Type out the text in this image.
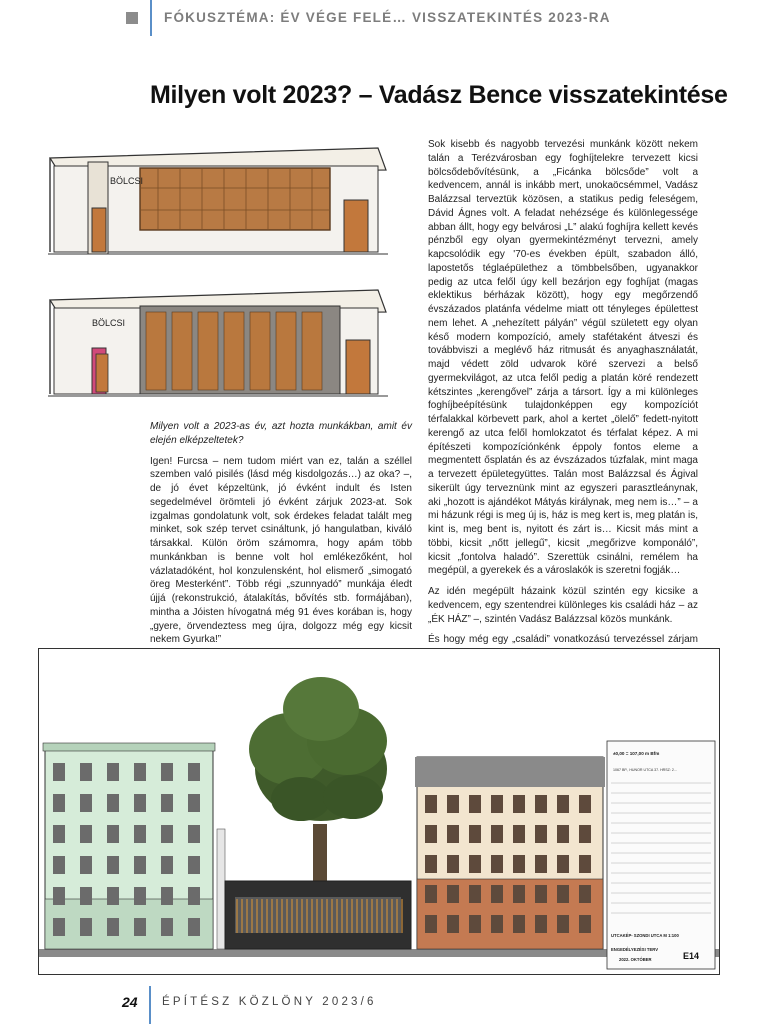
FÓKUSZTÉMA: ÉV VÉGE FELÉ… VISSZATEKINTÉS 2023-RA
Milyen volt 2023? – Vadász Bence visszatekintése
BÖLCSI
BÖLCSI

Milyen volt a 2023-as év, azt hozta munkákban, amit év elején elképzeltetek?

Igen! Furcsa – nem tudom miért van ez, talán a széllel szemben való pisilés (lásd még kisdolgozás…) az oka? –, de jó évet képzeltünk, jó évként indult és Isten segedelmével örömteli jó évként zárjuk 2023-at. Sok izgalmas gondolatunk volt, sok érdekes feladat talált meg minket, sok szép tervet csináltunk, jó hangulatban, kiváló társakkal. Külön öröm számomra, hogy apám több munkánkban is benne volt hol emlékezőként, hol vázlatadóként, hol konzulensként, hol elismerő „simogató öreg Mesterként”. Több régi „szunnyadó” munkája éledt újjá (rekonstrukció, átalakítás, bővítés stb. formájában), mintha a Jóisten hívogatná még 91 éves korában is, hogy „gyere, örvendeztess meg újra, dolgozz még egy kicsit nekem Gyurka!”

Melyik volt az év legkedvesebb tervezési munkája? Mutassátok be az épületet!

Sok kisebb és nagyobb tervezési munkánk között nekem talán a Terézvárosban egy foghíjtelekre tervezett kicsi bölcsődebővítésünk, a „Ficánka bölcsőde” volt a kedvencem, annál is inkább mert, unokaöcsémmel, Vadász Balázzsal terveztük közösen, a statikus pedig feleségem, Dávid Ágnes volt. A feladat nehézsége és különlegessége abban állt, hogy egy belvárosi „L” alakú foghíjra kellett kevés pénzből egy olyan gyermekintézményt tervezni, amely kapcsolódik egy '70-es években épült, szabadon álló, lapostetős téglaépülethez a tömbbelsőben, ugyanakkor pedig az utca felől úgy kell bezárjon egy foghíjat (magas eklektikus bérházak között), hogy egy megőrzendő évszázados platánfa védelme miatt ott tényleges épülettest nem lehet. A „nehezített pályán” végül született egy olyan késő modern kompozíció, amely stafétaként átveszi és továbbviszi a meglévő ház ritmusát és anyaghasználatát, majd védett zöld udvarok köré szervezi a belső gyermekvilágot, az utca felől pedig a platán köré rendezett kétszintes „kerengővel” zárja a társort. Így a mi különleges foghíjbeépítésünk tulajdonképpen egy kompozíciót térfalakkal körbevett park, ahol a kertet „ölelő” fedett-nyitott kerengő az utca felől homlokzatot és térfalat képez. A mi építészeti kompozíciónkénk éppoly fontos eleme a megmentett ősplatán és az évszázados túzfalak, mint maga a tervezett épületegyüttes. Talán most Balázzsal és Ágival sikerült úgy terveznünk mint az egyszeri parasztleánynak, aki „hozott is ajándékot Mátyás királynak, meg nem is…” – a mi házunk régi is meg új is, ház is meg kert is, meg platán is, kint is, meg bent is, nyitott és zárt is… Kicsit más mint a többi, kicsit „nőtt jellegű”, kicsit „megőrizve komponáló”, kicsit „fontolva haladó”. Szerettük csinálni, remélem ha megépül, a gyerekek és a városlakók is szeretni fogják…

Az idén megépült házaink közül szintén egy kicsike a kedvencem, egy szentendrei különleges kis családi ház – az „ÉK HÁZ” –, szintén Vadász Balázzsal közös munkánk.

És hogy még egy „családi” vonatkozású tervezéssel zárjam a sort: a legjobban várt és hamarosan induló munkánk az apám

±0,00 = 107,00 m Bfm
1067 BP., HUNOR UTCA 37. HRSZ: 2...
UTCAKÉP- SZONDI UTCA M 1:100
ENGEDÉLYEZÉSI TERV
2022. OKTÓBER	E14
24 ÉPÍTÉSZ KÖZLÖNY 2023/6
